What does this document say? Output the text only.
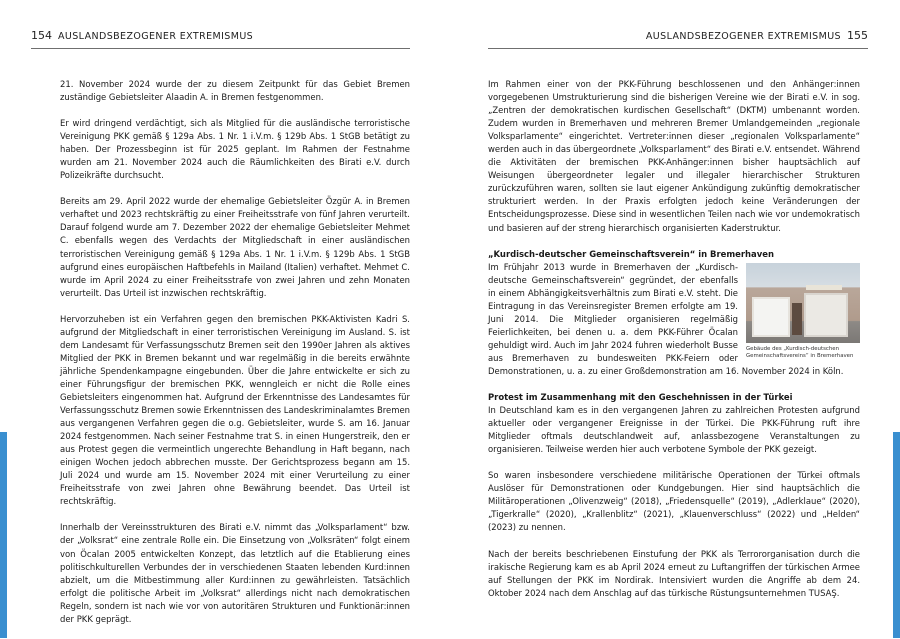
154 AUSLANDSBEZOGENER EXTREMISMUS

21. November 2024 wurde der zu diesem Zeitpunkt für das Gebiet Bremen zuständige Gebietsleiter Alaadin A. in Bremen festgenommen.

Er wird dringend verdächtigt, sich als Mitglied für die ausländische terroristische Vereinigung PKK gemäß § 129a Abs. 1 Nr. 1 i.V.m. § 129b Abs. 1 StGB betätigt zu haben. Der Prozessbeginn ist für 2025 geplant. Im Rahmen der Festnahme wurden am 21. November 2024 auch die Räumlichkeiten des Birati e.V. durch Polizeikräfte durchsucht.

Bereits am 29. April 2022 wurde der ehemalige Gebietsleiter Özgür A. in Bremen verhaftet und 2023 rechtskräftig zu einer Freiheitsstrafe von fünf Jahren verurteilt. Darauf folgend wurde am 7. Dezember 2022 der ehemalige Gebietsleiter Mehmet C. ebenfalls wegen des Verdachts der Mitgliedschaft in einer ausländischen terroristischen Vereinigung gemäß § 129a Abs. 1 Nr. 1 i.V.m. § 129b Abs. 1 StGB aufgrund eines europäischen Haftbefehls in Mailand (Italien) verhaftet. Mehmet C. wurde im April 2024 zu einer Freiheitsstrafe von zwei Jahren und zehn Monaten verurteilt. Das Urteil ist inzwischen rechtskräftig.

Hervorzuheben ist ein Verfahren gegen den bremischen PKK-Aktivisten Kadri S. aufgrund der Mitgliedschaft in einer terroristischen Vereinigung im Ausland. S. ist dem Landesamt für Verfassungsschutz Bremen seit den 1990er Jahren als aktives Mitglied der PKK in Bremen bekannt und war regelmäßig in die bereits erwähnte jährliche Spendenkampagne eingebunden. Über die Jahre entwickelte er sich zu einer Führungsfigur der bremischen PKK, wenngleich er nicht die Rolle eines Gebietsleiters eingenommen hat. Aufgrund der Erkenntnisse des Landesamtes für Verfassungsschutz Bremen sowie Erkenntnissen des Landeskriminalamtes Bremen aus vergangenen Verfahren gegen die o.g. Gebietsleiter, wurde S. am 16. Januar 2024 festgenommen. Nach seiner Festnahme trat S. in einen Hungerstreik, den er aus Protest gegen die vermeintlich ungerechte Behandlung in Haft begann, nach einigen Wochen jedoch abbrechen musste. Der Gerichtsprozess begann am 15. Juli 2024 und wurde am 15. November 2024 mit einer Verurteilung zu einer Freiheitsstrafe von zwei Jahren ohne Bewährung beendet. Das Urteil ist rechtskräftig.

Innerhalb der Vereinsstrukturen des Birati e.V. nimmt das „Volksparlament“ bzw. der „Volksrat“ eine zentrale Rolle ein. Die Einsetzung von „Volksräten“ folgt einem von Öcalan 2005 entwickelten Konzept, das letztlich auf die Etablierung eines politischkulturellen Verbundes der in verschiedenen Staaten lebenden Kurd:innen abzielt, um die Mitbestimmung aller Kurd:innen zu gewährleisten. Tatsächlich erfolgt die politische Arbeit im „Volksrat“ allerdings nicht nach demokratischen Regeln, sondern ist nach wie vor von autoritären Strukturen und Funktionär:innen der PKK geprägt.

AUSLANDSBEZOGENER EXTREMISMUS 155

Im Rahmen einer von der PKK-Führung beschlossenen und den Anhänger:innen vorgegebenen Umstrukturierung sind die bisherigen Vereine wie der Birati e.V. in sog. „Zentren der demokratischen kurdischen Gesellschaft“ (DKTM) umbenannt worden. Zudem wurden in Bremerhaven und mehreren Bremer Umlandgemeinden „regionale Volksparlamente“ eingerichtet. Vertreter:innen dieser „regionalen Volksparlamente“ werden auch in das übergeordnete „Volksparlament“ des Birati e.V. entsendet. Während die Aktivitäten der bremischen PKK-Anhänger:innen bisher hauptsächlich auf Weisungen übergeordneter legaler und illegaler hierarchischer Strukturen zurückzuführen waren, sollten sie laut eigener Ankündigung zukünftig demokratischer strukturiert werden. In der Praxis erfolgten jedoch keine Veränderungen der Entscheidungsprozesse. Diese sind in wesentlichen Teilen nach wie vor undemokratisch und basieren auf der streng hierarchisch organisierten Kaderstruktur.

„Kurdisch-deutscher Gemeinschaftsverein“ in Bremerhaven
Gebäude des „Kurdisch-deutschen Gemeinschaftsvereins“ in Bremerhaven

Im Frühjahr 2013 wurde in Bremerhaven der „Kurdisch-deutsche Gemeinschaftsverein“ gegründet, der ebenfalls in einem Abhängigkeitsverhältnis zum Birati e.V. steht. Die Eintragung in das Vereinsregister Bremen erfolgte am 19. Juni 2014. Die Mitglieder organisieren regelmäßig Feierlichkeiten, bei denen u. a. dem PKK-Führer Öcalan gehuldigt wird. Auch im Jahr 2024 fuhren wiederholt Busse aus Bremerhaven zu bundesweiten PKK-Feiern oder Demonstrationen, u. a. zu einer Großdemonstration am 16. November 2024 in Köln.

Protest im Zusammenhang mit den Geschehnissen in der Türkei

In Deutschland kam es in den vergangenen Jahren zu zahlreichen Protesten aufgrund aktueller oder vergangener Ereignisse in der Türkei. Die PKK-Führung ruft ihre Mitglieder oftmals deutschlandweit auf, anlassbezogene Veranstaltungen zu organisieren. Teilweise werden hier auch verbotene Symbole der PKK gezeigt.

So waren insbesondere verschiedene militärische Operationen der Türkei oftmals Auslöser für Demonstrationen oder Kundgebungen. Hier sind hauptsächlich die Militäroperationen „Olivenzweig“ (2018), „Friedensquelle“ (2019), „Adlerklaue“ (2020), „Tigerkralle“ (2020), „Krallenblitz“ (2021), „Klauenverschluss“ (2022) und „Helden“ (2023) zu nennen.

Nach der bereits beschriebenen Einstufung der PKK als Terrororganisation durch die irakische Regierung kam es ab April 2024 erneut zu Luftangriffen der türkischen Armee auf Stellungen der PKK im Nordirak. Intensiviert wurden die Angriffe ab dem 24. Oktober 2024 nach dem Anschlag auf das türkische Rüstungsunternehmen TUSAŞ.
